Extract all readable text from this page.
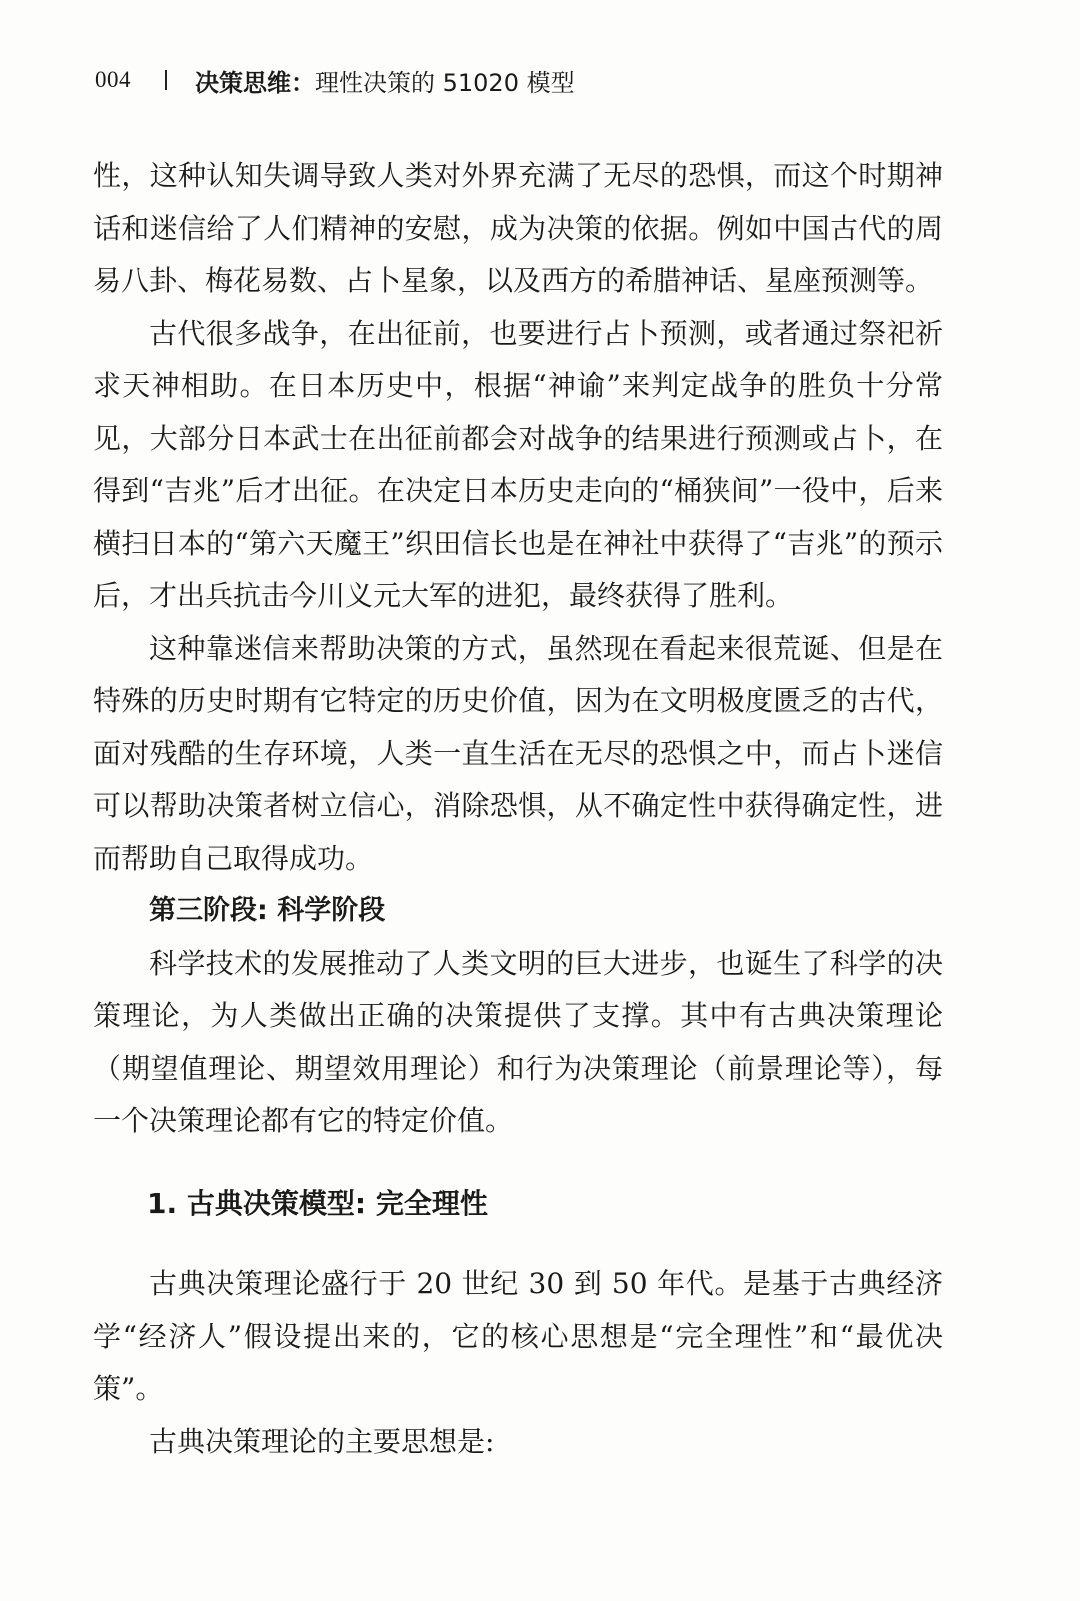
004	决策思维： 理性决策的 51020 模型

性，这种认知失调导致人类对外界充满了无尽的恐惧，而这个时期神话和迷信给了人们精神的安慰，成为决策的依据。例如中国古代的周易八卦、梅花易数、占卜星象，以及西方的希腊神话、星座预测等。

古代很多战争，在出征前，也要进行占卜预测，或者通过祭祀祈求天神相助。在日本历史中，根据“神谕”来判定战争的胜负十分常见，大部分日本武士在出征前都会对战争的结果进行预测或占卜，在得到“吉兆”后才出征。在决定日本历史走向的“桶狭间”一役中，后来横扫日本的“第六天魔王”织田信长也是在神社中获得了“吉兆”的预示后，才出兵抗击今川义元大军的进犯，最终获得了胜利。

这种靠迷信来帮助决策的方式，虽然现在看起来很荒诞、但是在特殊的历史时期有它特定的历史价值，因为在文明极度匮乏的古代，面对残酷的生存环境，人类一直生活在无尽的恐惧之中，而占卜迷信可以帮助决策者树立信心，消除恐惧，从不确定性中获得确定性，进而帮助自己取得成功。

第三阶段: 科学阶段

科学技术的发展推动了人类文明的巨大进步，也诞生了科学的决策理论，为人类做出正确的决策提供了支撑。其中有古典决策理论（期望值理论、期望效用理论）和行为决策理论（前景理论等），每一个决策理论都有它的特定价值。

1. 古典决策模型: 完全理性

古典决策理论盛行于 20 世纪 30 到 50 年代。是基于古典经济学“经济人”假设提出来的，它的核心思想是“完全理性”和“最优决策”。

古典决策理论的主要思想是:
